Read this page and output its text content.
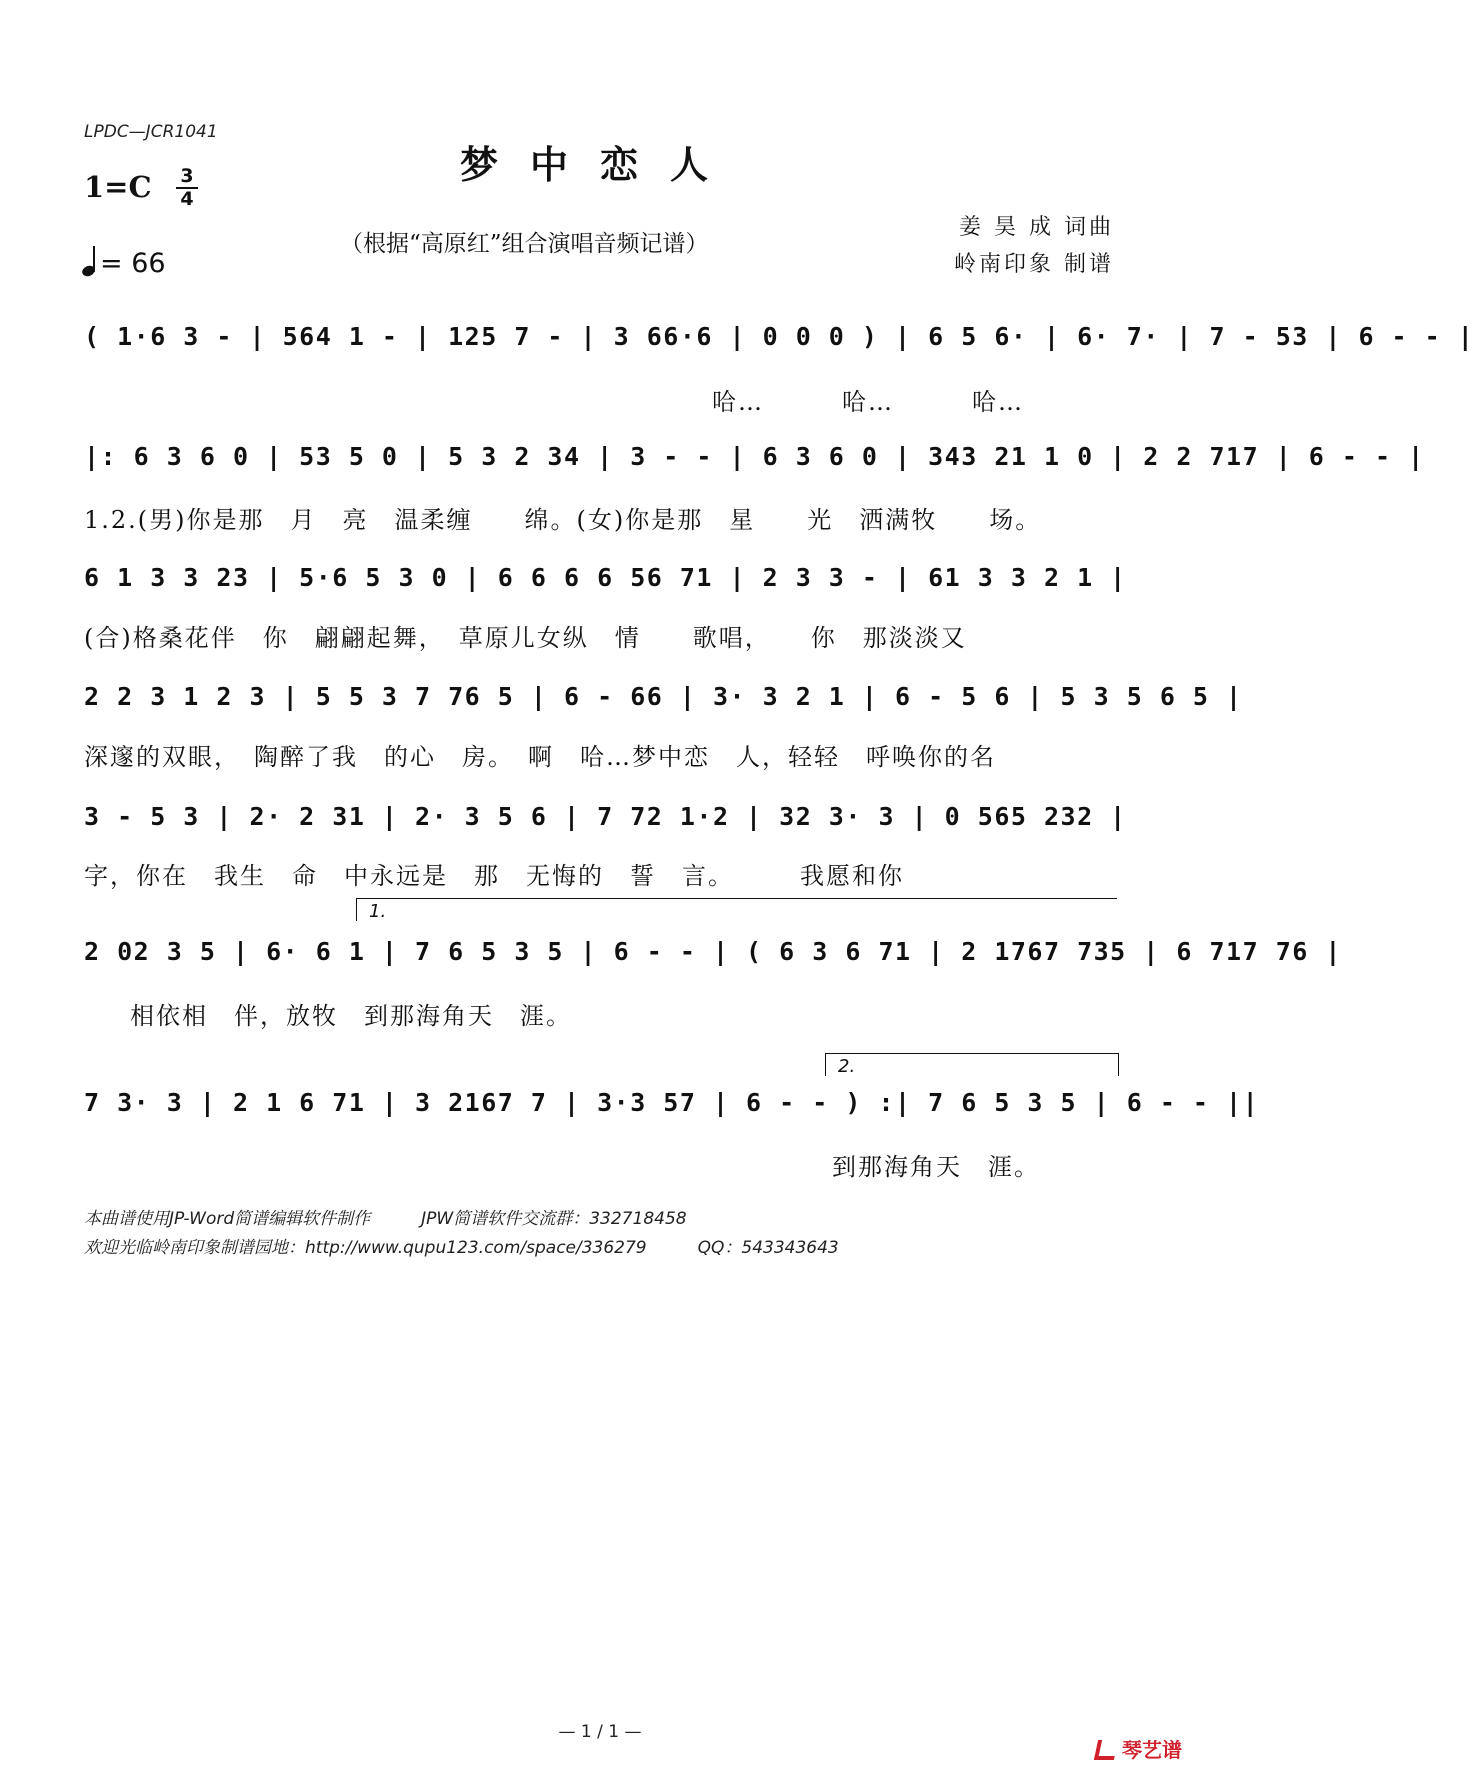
LPDC—JCR1041
梦中恋人
1=C 3
4
= 66
（根据“高原红”组合演唱音频记谱）
姜 昊 成 词曲
岭南印象 制谱
( 1·6 3 - | 564 1 - | 125 7 - | 3 66·6 | 0 0 0 ) | 6 5 6· | 6· 7· | 7 - 53 | 6 - - |
哈…　　　哈…　　　哈…
|: 6 3 6 0 | 53 5 0 | 5 3 2 34 | 3 - - | 6 3 6 0 | 343 21 1 0 | 2 2 717 | 6 - - |
1.2.(男)你是那　月　亮　温柔缠　　绵。(女)你是那　星　　光　洒满牧　　场。
6 1 3 3 23 | 5·6 5 3 0 | 6 6 6 6 56 71 | 2 3 3 - | 61 3 3 2 1 |
(合)格桑花伴　你　翩翩起舞，　草原儿女纵　情　　歌唱，　　你　那淡淡又
2 2 3 1 2 3 | 5 5 3 7 76 5 | 6 - 66 | 3· 3 2 1 | 6 - 5 6 | 5 3 5 6 5 |
深邃的双眼，　陶醉了我　的心　房。　啊　哈…梦中恋　人，轻轻　呼唤你的名
3 - 5 3 | 2· 2 31 | 2· 3 5 6 | 7 72 1·2 | 32 3· 3 | 0 565 232 |
字，你在　我生　命　中永远是　那　无悔的　誓　言。　　　我愿和你
1.
2 02 3 5 | 6· 6 1 | 7 6 5 3 5 | 6 - - | ( 6 3 6 71 | 2 1767 735 | 6 717 76 |
相依相　伴，放牧　到那海角天　涯。
2.
7 3· 3 | 2 1 6 71 | 3 2167 7 | 3·3 57 | 6 - - ) :| 7 6 5 3 5 | 6 - - ||
到那海角天　涯。
本曲谱使用JP-Word简谱编辑软件制作　　　JPW简谱软件交流群：332718458
欢迎光临岭南印象制谱园地：http://www.qupu123.com/space/336279　　　QQ：543343643
— 1 / 1 —
琴艺谱
